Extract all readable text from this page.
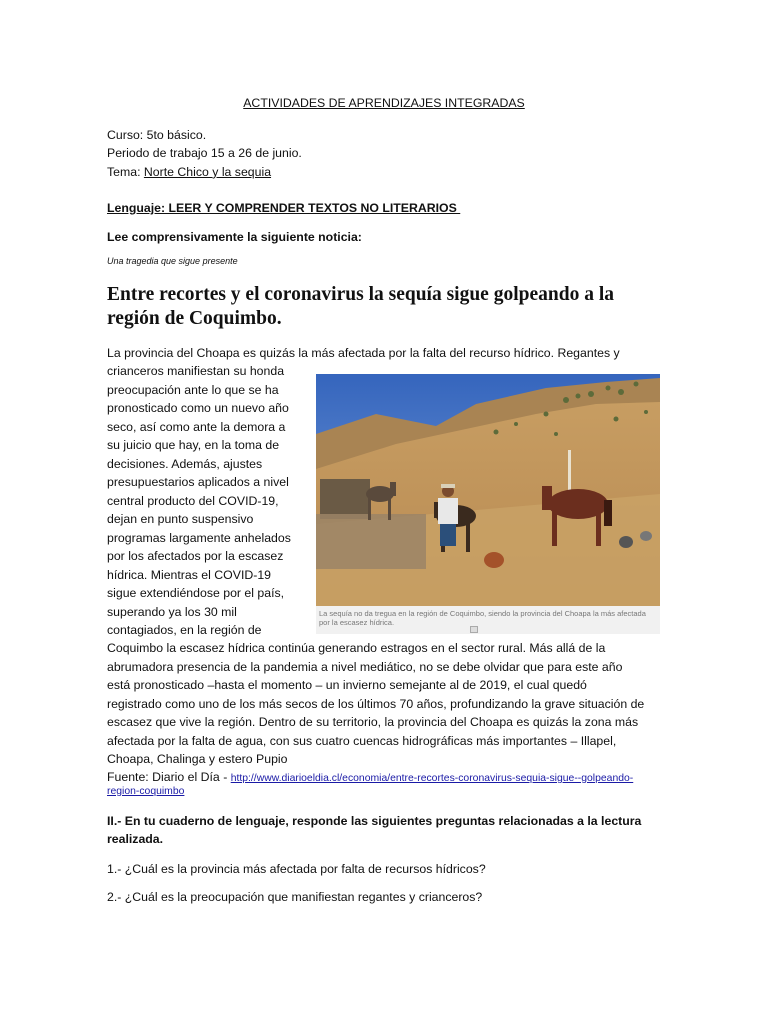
ACTIVIDADES DE APRENDIZAJES INTEGRADAS
Curso: 5to básico.
Periodo de trabajo 15 a 26 de junio.
Tema: Norte Chico y la sequia
Lenguaje: LEER Y COMPRENDER TEXTOS NO LITERARIOS
Lee comprensivamente la siguiente noticia:
Una tragedia que sigue presente
Entre recortes y el coronavirus la sequía sigue golpeando a la región de Coquimbo.
La provincia del Choapa es quizás la más afectada por la falta del recurso hídrico. Regantes y
crianceros manifiestan su honda
preocupación ante lo que se ha
pronosticado como un nuevo año
seco, así como ante la demora a
su juicio que hay, en la toma de
decisiones. Además, ajustes
presupuestarios aplicados a nivel
central producto del COVID-19,
dejan en punto suspensivo
programas largamente anhelados
por los afectados por la escasez
hídrica. Mientras el COVID-19
sigue extendiéndose por el país,
superando ya los 30 mil
contagiados, en la región de
La sequía no da tregua en la región de Coquimbo, siendo la provincia del Choapa la más afectada por la escasez hídrica.
Coquimbo la escasez hídrica continúa generando estragos en el sector rural. Más allá de la
abrumadora presencia de la pandemia a nivel mediático, no se debe olvidar que para este año
está pronosticado –hasta el momento – un invierno semejante al de 2019, el cual quedó
registrado como uno de los más secos de los últimos 70 años, profundizando la grave situación de
escasez que vive la región. Dentro de su territorio, la provincia del Choapa es quizás la zona más
afectada por la falta de agua, con sus cuatro cuencas hidrográficas más importantes – Illapel,
Choapa, Chalinga y estero Pupio
Fuente: Diario el Día - http://www.diarioeldia.cl/economia/entre-recortes-coronavirus-sequia-sigue--golpeando-
region-coquimbo
II.- En tu cuaderno de lenguaje, responde las siguientes preguntas relacionadas a la lectura realizada.
1.- ¿Cuál es la provincia más afectada por falta de recursos hídricos?
2.- ¿Cuál es la preocupación que manifiestan regantes y crianceros?
